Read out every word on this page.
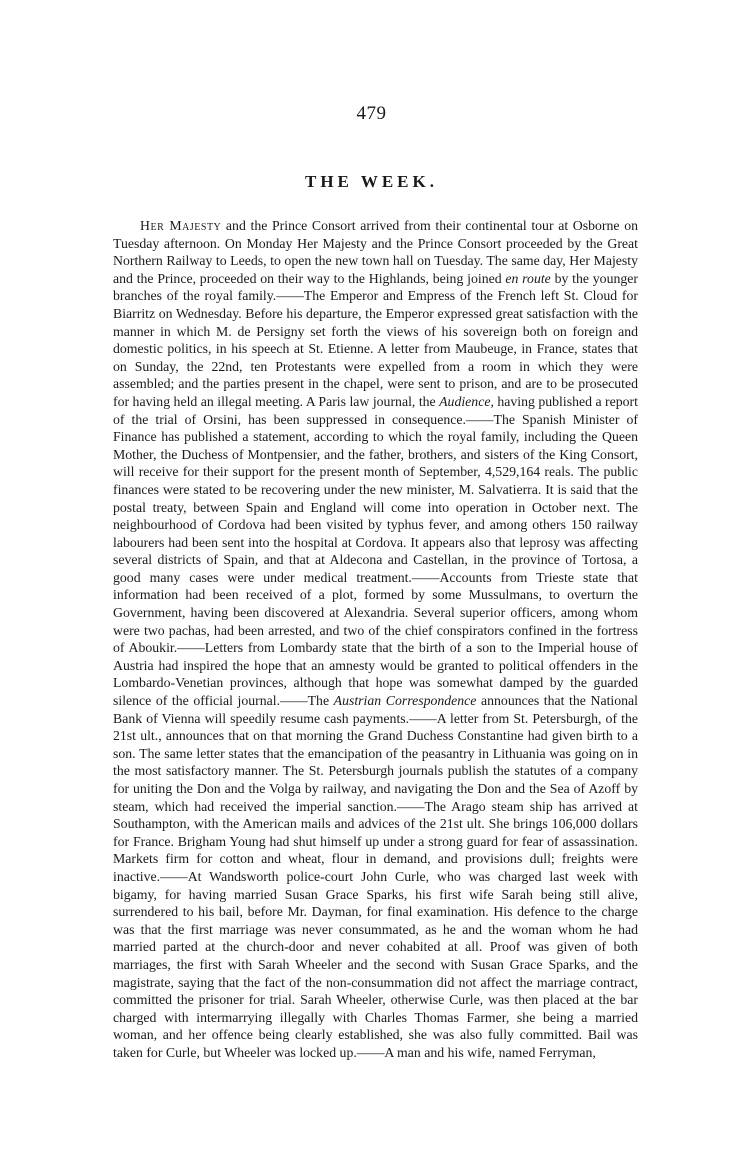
479
THE WEEK.

Her Majesty and the Prince Consort arrived from their continental tour at Osborne on Tuesday afternoon. On Monday Her Majesty and the Prince Consort proceeded by the Great Northern Railway to Leeds, to open the new town hall on Tuesday. The same day, Her Majesty and the Prince, proceeded on their way to the Highlands, being joined en route by the younger branches of the royal family.——The Emperor and Empress of the French left St. Cloud for Biarritz on Wednesday. Before his departure, the Emperor expressed great satisfaction with the manner in which M. de Persigny set forth the views of his sovereign both on foreign and domestic politics, in his speech at St. Etienne. A letter from Maubeuge, in France, states that on Sunday, the 22nd, ten Protestants were expelled from a room in which they were assembled; and the parties present in the chapel, were sent to prison, and are to be prosecuted for having held an illegal meeting. A Paris law journal, the Audience, having published a report of the trial of Orsini, has been suppressed in consequence.——The Spanish Minister of Finance has published a statement, according to which the royal family, including the Queen Mother, the Duchess of Montpensier, and the father, brothers, and sisters of the King Consort, will receive for their support for the present month of September, 4,529,164 reals. The public finances were stated to be recovering under the new minister, M. Salvatierra. It is said that the postal treaty, between Spain and England will come into operation in October next. The neighbourhood of Cordova had been visited by typhus fever, and among others 150 railway labourers had been sent into the hospital at Cordova. It appears also that leprosy was affecting several districts of Spain, and that at Aldecona and Castellan, in the province of Tortosa, a good many cases were under medical treatment.——Accounts from Trieste state that information had been received of a plot, formed by some Mussulmans, to overturn the Government, having been discovered at Alexandria. Several superior officers, among whom were two pachas, had been arrested, and two of the chief conspirators confined in the fortress of Aboukir.——Letters from Lombardy state that the birth of a son to the Imperial house of Austria had inspired the hope that an amnesty would be granted to political offenders in the Lombardo-Venetian provinces, although that hope was somewhat damped by the guarded silence of the official journal.——The Austrian Correspondence announces that the National Bank of Vienna will speedily resume cash payments.——A letter from St. Petersburgh, of the 21st ult., announces that on that morning the Grand Duchess Constantine had given birth to a son. The same letter states that the emancipation of the peasantry in Lithuania was going on in the most satisfactory manner. The St. Petersburgh journals publish the statutes of a company for uniting the Don and the Volga by railway, and navigating the Don and the Sea of Azoff by steam, which had received the imperial sanction.——The Arago steam ship has arrived at Southampton, with the American mails and advices of the 21st ult. She brings 106,000 dollars for France. Brigham Young had shut himself up under a strong guard for fear of assassination. Markets firm for cotton and wheat, flour in demand, and provisions dull; freights were inactive.——At Wandsworth police-court John Curle, who was charged last week with bigamy, for having married Susan Grace Sparks, his first wife Sarah being still alive, surrendered to his bail, before Mr. Dayman, for final examination. His defence to the charge was that the first marriage was never consummated, as he and the woman whom he had married parted at the church-door and never cohabited at all. Proof was given of both marriages, the first with Sarah Wheeler and the second with Susan Grace Sparks, and the magistrate, saying that the fact of the non-consummation did not affect the marriage contract, committed the prisoner for trial. Sarah Wheeler, otherwise Curle, was then placed at the bar charged with intermarrying illegally with Charles Thomas Farmer, she being a married woman, and her offence being clearly established, she was also fully committed. Bail was taken for Curle, but Wheeler was locked up.——A man and his wife, named Ferryman,
